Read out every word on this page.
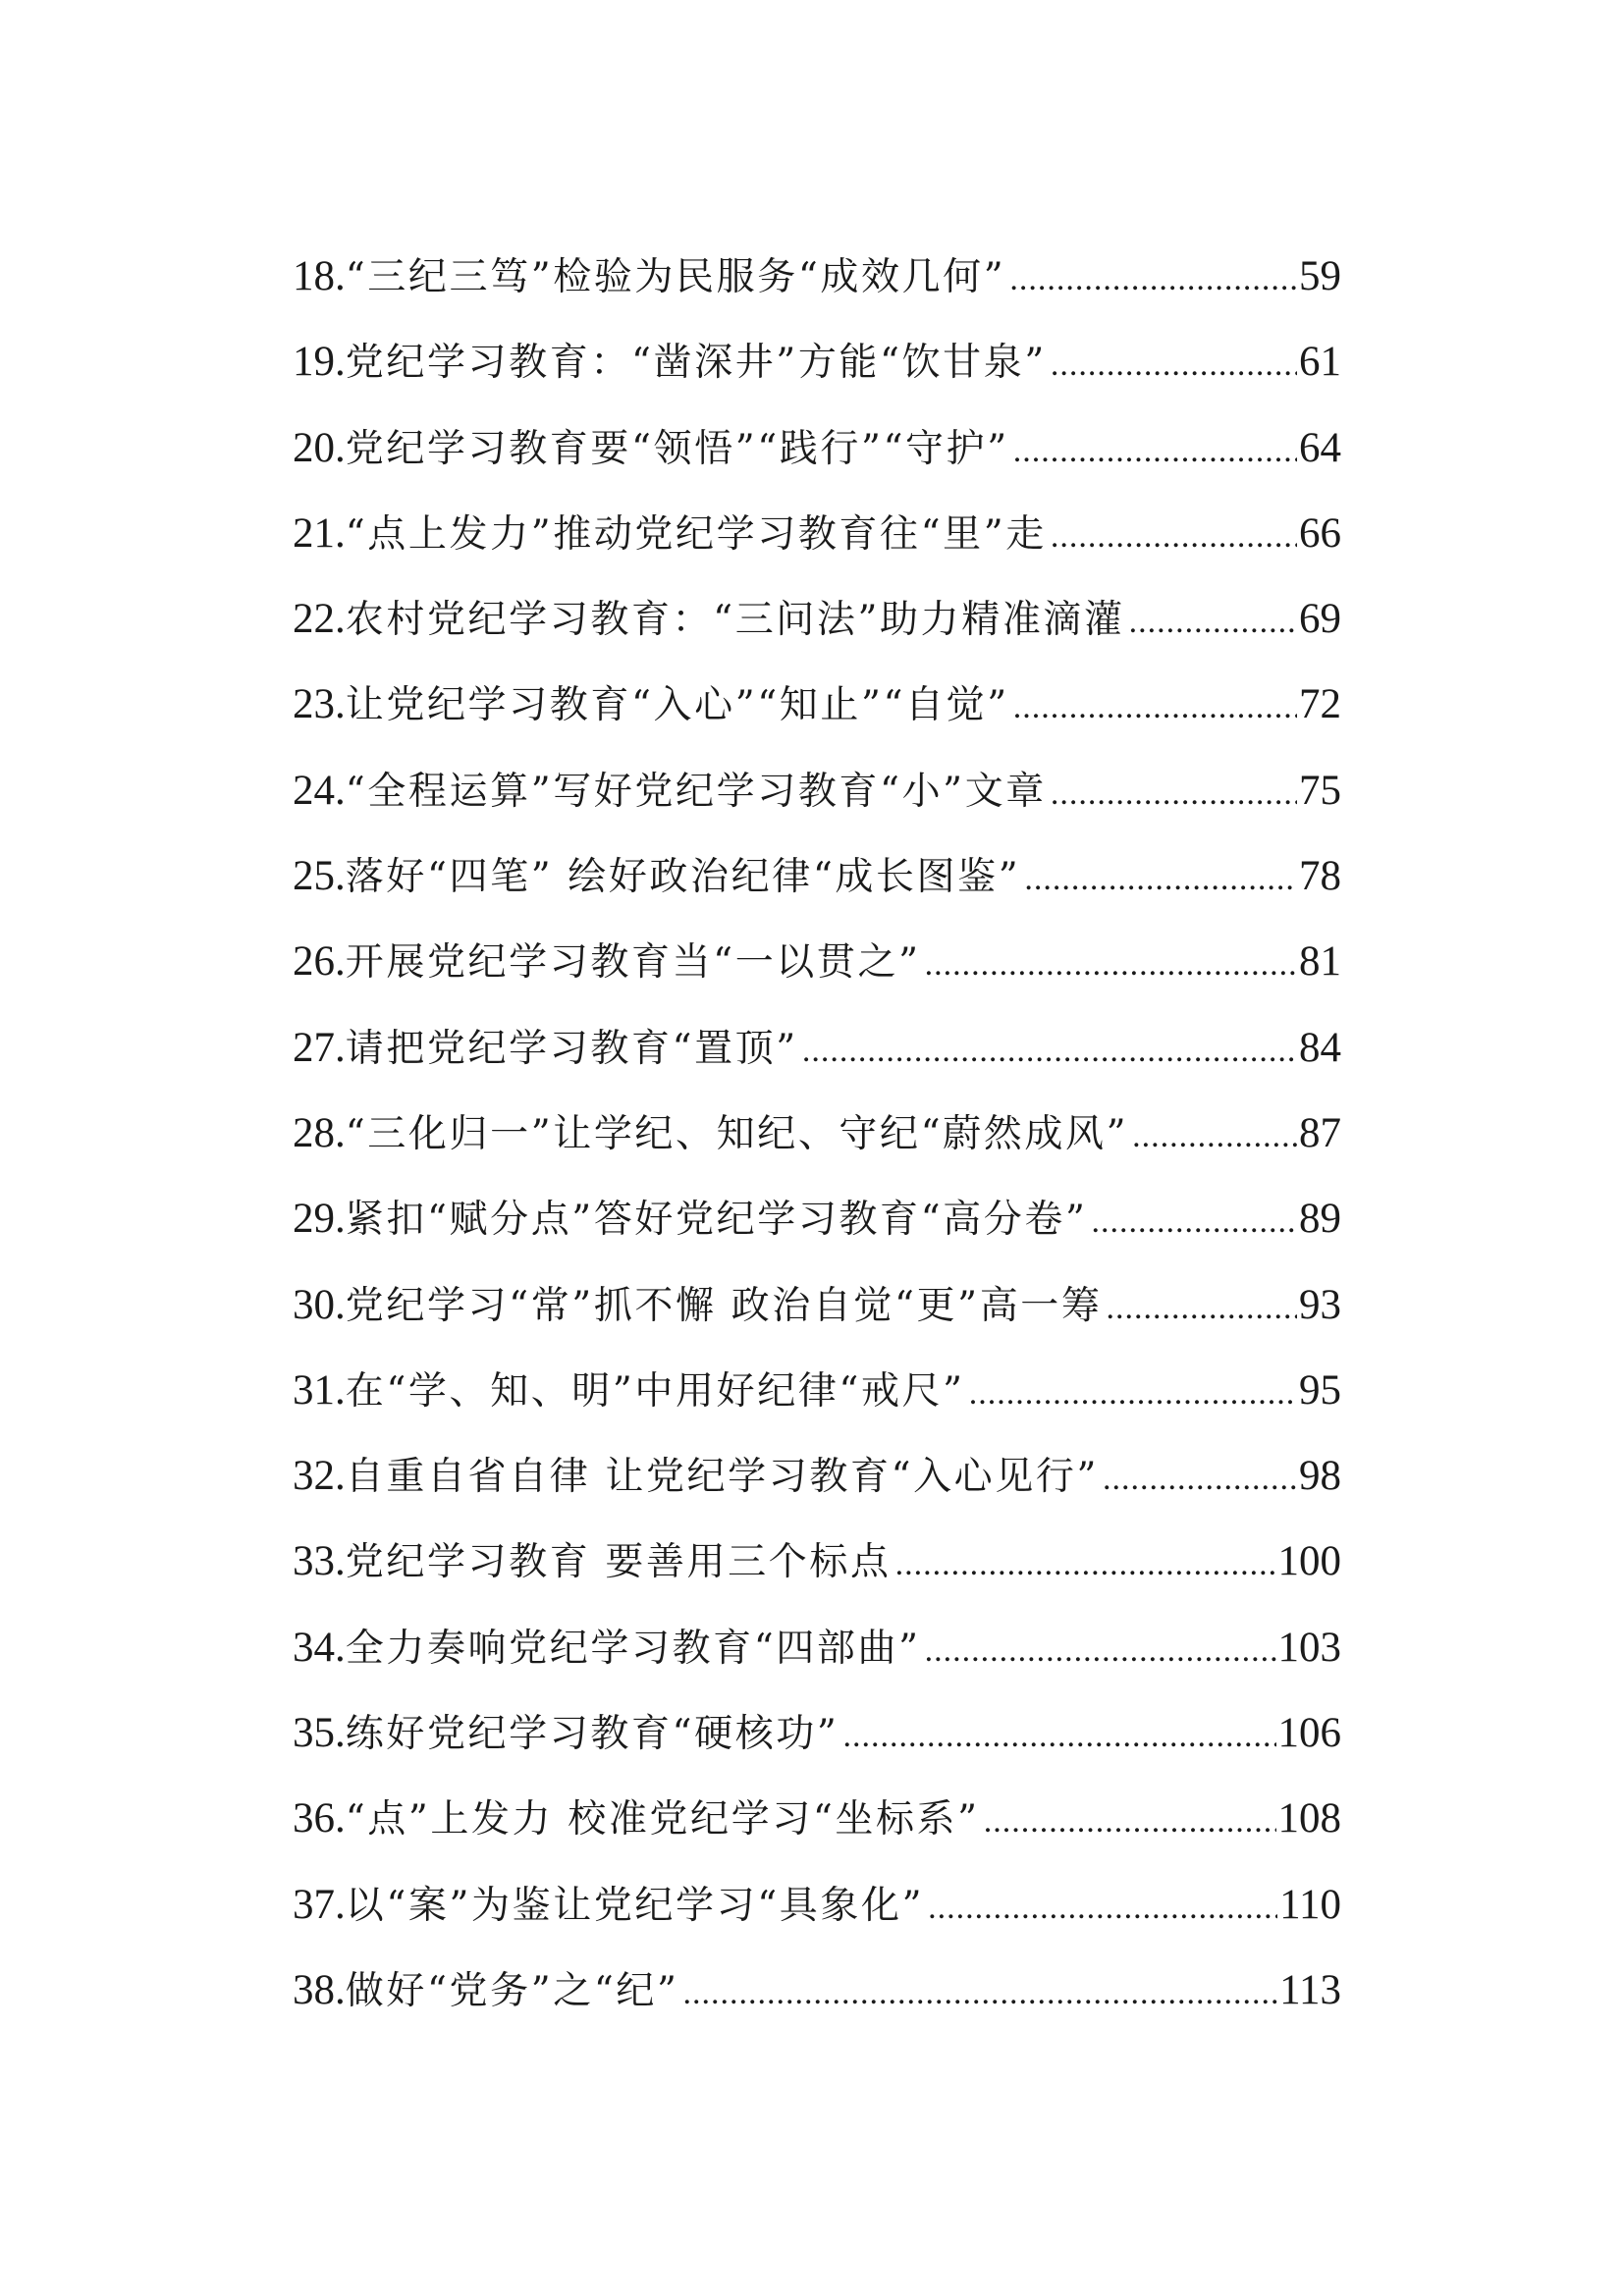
18. “三纪三笃”检验为民服务“成效几何” .....	59
19. 党纪学习教育：“凿深井”方能“饮甘泉” .....	61
20. 党纪学习教育要“领悟”“践行”“守护” .....	64
21. “点上发力”推动党纪学习教育往“里”走 .....	66
22. 农村党纪学习教育：“三问法”助力精准滴灌 .....	69
23. 让党纪学习教育“入心”“知止”“自觉” .....	72
24. “全程运算”写好党纪学习教育“小”文章 .....	75
25. 落好“四笔” 绘好政治纪律“成长图鉴” .....	78
26. 开展党纪学习教育当“一以贯之” .....	81
27. 请把党纪学习教育“置顶” .....	84
28. “三化归一”让学纪、知纪、守纪“蔚然成风” .....	87
29. 紧扣“赋分点”答好党纪学习教育“高分卷” .....	89
30. 党纪学习“常”抓不懈 政治自觉“更”高一筹 .....	93
31. 在“学、知、明”中用好纪律“戒尺” .....	95
32. 自重自省自律 让党纪学习教育“入心见行” .....	98
33. 党纪学习教育 要善用三个标点 .....	100
34. 全力奏响党纪学习教育“四部曲” .....	103
35. 练好党纪学习教育“硬核功” .....	106
36. “点”上发力 校准党纪学习“坐标系” .....	108
37. 以“案”为鉴让党纪学习“具象化” .....	110
38. 做好“党务”之“纪” .....	113
